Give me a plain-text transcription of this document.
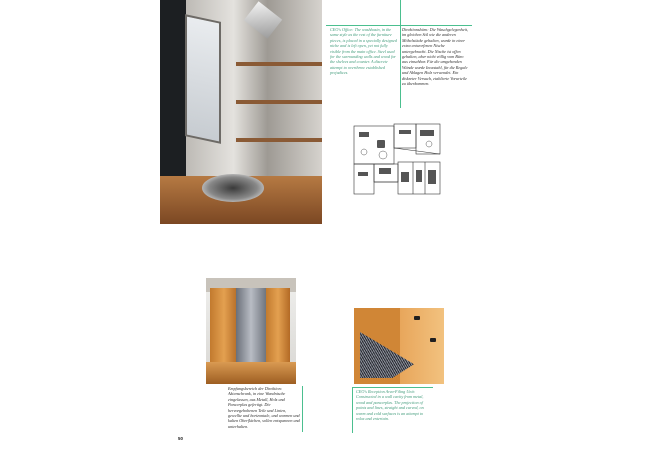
CEO's Office: The washbasin, in the same style as the rest of the furniture pieces, is placed in a specially designed niche and is left open, yet not fully visible from the main office. Steel used for the surrounding walls and wood for the shelves and counter. A discrete attempt to overthrow established prejudices.
Direktionsbüro: Die Waschgelegenheit, im gleichen Stil wie die anderen Möbelstücke gehalten, wurde in einer extra entworfenen Nische untergebracht. Die Nische ist offen gehalten, aber nicht völlig vom Büro aus einsehbar. Für die umgebenden Wände wurde Inoxstahl, für die Regale und Ablagen Holz verwendet. Ein diskreter Versuch, etablierte Vorurteile zu überkommen.
Empfangsbereich der Direktion: Aktenschrank, in eine Wandnische eingelassen, aus Metall, Holz und Pancerplas gefertigt. Die hervorgehobenen Teile und Linien, gewellte und horizontale, und warmen und kalten Oberflächen, sollen entspannen und unterhalten.
CEO's Reception Area-Filing Unit: Constructed in a wall cavity from metal, wood and pancerplas. The projection of points and lines, straight and curved, on warm and cold surfaces is an attempt to relax and entertain.
50
